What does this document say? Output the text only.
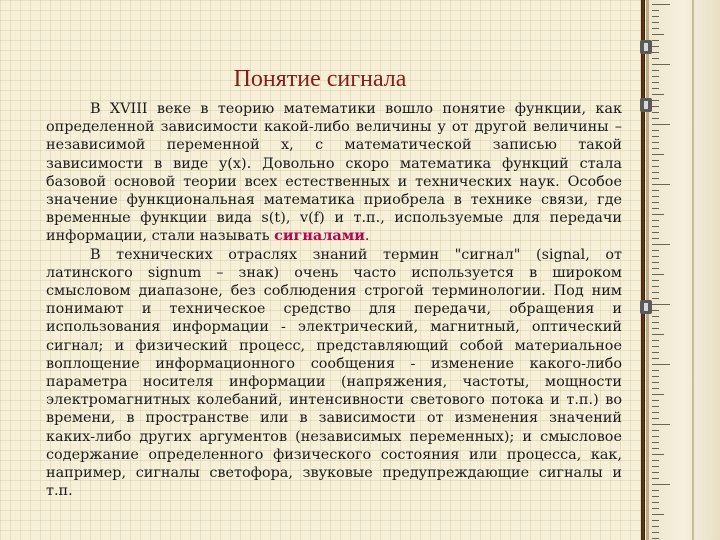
Понятие сигнала

В XVIII веке в теорию математики вошло понятие функции, как определенной зависимости какой-либо величины y от другой величины – независимой переменной x, с математической записью такой зависимости в виде y(x). Довольно скоро математика функций стала базовой основой теории всех естественных и технических наук. Особое значение функциональная математика приобрела в технике связи, где временные функции вида s(t), v(f) и т.п., используемые для передачи информации, стали называть сигналами.

В технических отраслях знаний термин "сигнал" (signal, от латинского signum – знак) очень часто используется в широком смысловом диапазоне, без соблюдения строгой терминологии. Под ним понимают и техническое средство для передачи, обращения и использования информации - электрический, магнитный, оптический сигнал; и физический процесс, представляющий собой материальное воплощение информационного сообщения - изменение какого-либо параметра носителя информации (напряжения, частоты, мощности электромагнитных колебаний, интенсивности светового потока и т.п.) во времени, в пространстве или в зависимости от изменения значений каких-либо других аргументов (независимых переменных); и смысловое содержание определенного физического состояния или процесса, как, например, сигналы светофора, звуковые предупреждающие сигналы и т.п.
